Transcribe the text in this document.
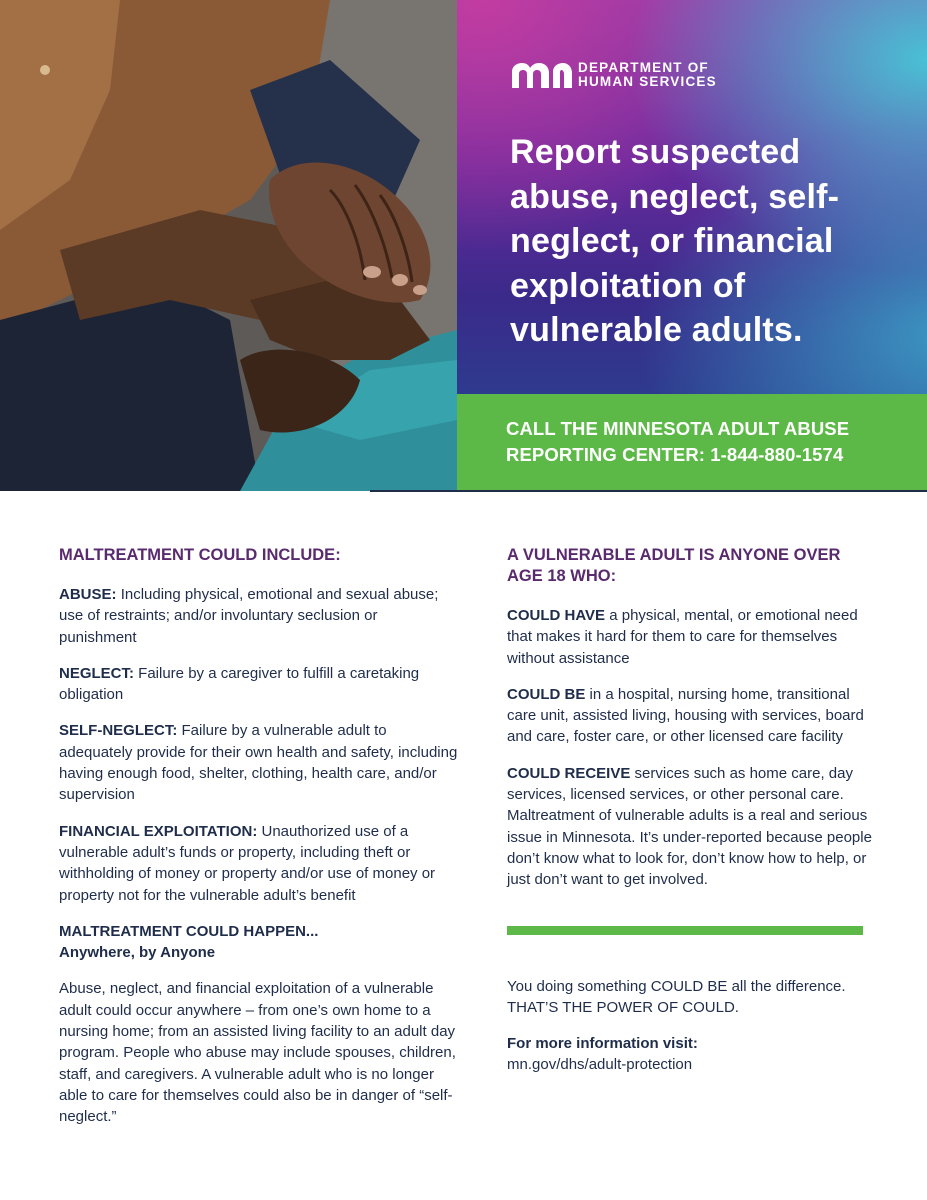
DEPARTMENT OF
HUMAN SERVICES
Report suspected abuse, neglect, self-neglect, or financial exploitation of vulnerable adults.

CALL THE MINNESOTA ADULT ABUSE
REPORTING CENTER: 1-844-880-1574

MALTREATMENT COULD INCLUDE:

ABUSE: Including physical, emotional and sexual abuse; use of restraints; and/or involuntary seclusion or punishment

NEGLECT: Failure by a caregiver to fulfill a caretaking obligation

SELF-NEGLECT: Failure by a vulnerable adult to adequately provide for their own health and safety, including having enough food, shelter, clothing, health care, and/or supervision

FINANCIAL EXPLOITATION: Unauthorized use of a vulnerable adult’s funds or property, including theft or withholding of money or property and/or use of money or property not for the vulnerable adult’s benefit

MALTREATMENT COULD HAPPEN...
Anywhere, by Anyone

Abuse, neglect, and financial exploitation of a vulnerable adult could occur anywhere – from one’s own home to a nursing home; from an assisted living facility to an adult day program. People who abuse may include spouses, children, staff, and caregivers. A vulnerable adult who is no longer able to care for themselves could also be in danger of “self-neglect.”

A VULNERABLE ADULT IS ANYONE OVER AGE 18 WHO:

COULD HAVE a physical, mental, or emotional need that makes it hard for them to care for themselves without assistance

COULD BE in a hospital, nursing home, transitional care unit, assisted living, housing with services, board and care, foster care, or other licensed care facility

COULD RECEIVE services such as home care, day services, licensed services, or other personal care. Maltreatment of vulnerable adults is a real and serious issue in Minnesota. It’s under-reported because people don’t know what to look for, don’t know how to help, or just don’t want to get involved.

You doing something COULD BE all the difference.
THAT’S THE POWER OF COULD.

For more information visit:
mn.gov/dhs/adult-protection
